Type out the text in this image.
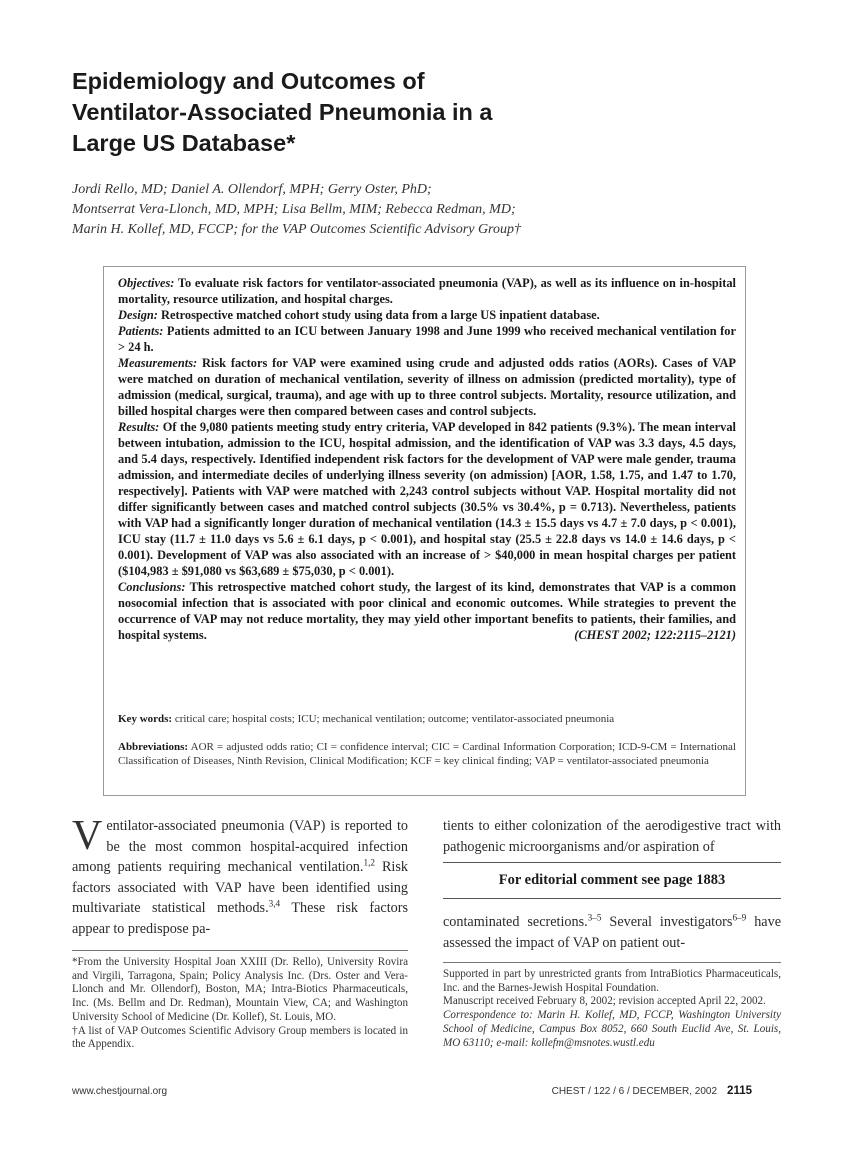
Epidemiology and Outcomes of
Ventilator-Associated Pneumonia in a
Large US Database*
Jordi Rello, MD; Daniel A. Ollendorf, MPH; Gerry Oster, PhD;
Montserrat Vera-Llonch, MD, MPH; Lisa Bellm, MIM; Rebecca Redman, MD;
Marin H. Kollef, MD, FCCP; for the VAP Outcomes Scientific Advisory Group†

Objectives: To evaluate risk factors for ventilator-associated pneumonia (VAP), as well as its influence on in-hospital mortality, resource utilization, and hospital charges.

Design: Retrospective matched cohort study using data from a large US inpatient database.

Patients: Patients admitted to an ICU between January 1998 and June 1999 who received mechanical ventilation for > 24 h.

Measurements: Risk factors for VAP were examined using crude and adjusted odds ratios (AORs). Cases of VAP were matched on duration of mechanical ventilation, severity of illness on admission (predicted mortality), type of admission (medical, surgical, trauma), and age with up to three control subjects. Mortality, resource utilization, and billed hospital charges were then compared between cases and control subjects.

Results: Of the 9,080 patients meeting study entry criteria, VAP developed in 842 patients (9.3%). The mean interval between intubation, admission to the ICU, hospital admission, and the identification of VAP was 3.3 days, 4.5 days, and 5.4 days, respectively. Identified independent risk factors for the development of VAP were male gender, trauma admission, and intermediate deciles of underlying illness severity (on admission) [AOR, 1.58, 1.75, and 1.47 to 1.70, respectively]. Patients with VAP were matched with 2,243 control subjects without VAP. Hospital mortality did not differ significantly between cases and matched control subjects (30.5% vs 30.4%, p = 0.713). Nevertheless, patients with VAP had a significantly longer duration of mechanical ventilation (14.3 ± 15.5 days vs 4.7 ± 7.0 days, p < 0.001), ICU stay (11.7 ± 11.0 days vs 5.6 ± 6.1 days, p < 0.001), and hospital stay (25.5 ± 22.8 days vs 14.0 ± 14.6 days, p < 0.001). Development of VAP was also associated with an increase of > $40,000 in mean hospital charges per patient ($104,983 ± $91,080 vs $63,689 ± $75,030, p < 0.001).

Conclusions: This retrospective matched cohort study, the largest of its kind, demonstrates that VAP is a common nosocomial infection that is associated with poor clinical and economic outcomes. While strategies to prevent the occurrence of VAP may not reduce mortality, they may yield other important benefits to patients, their families, and hospital systems.	(CHEST 2002; 122:2115–2121)

Key words: critical care; hospital costs; ICU; mechanical ventilation; outcome; ventilator-associated pneumonia
Abbreviations: AOR = adjusted odds ratio; CI = confidence interval; CIC = Cardinal Information Corporation; ICD-9-CM = International Classification of Diseases, Ninth Revision, Clinical Modification; KCF = key clinical finding; VAP = ventilator-associated pneumonia

Ventilator-associated pneumonia (VAP) is reported to be the most common hospital-acquired infection among patients requiring mechanical ventilation.$^{1,2}$ Risk factors associated with VAP have been identified using multivariate statistical methods.$^{3,4}$ These risk factors appear to predispose pa-

tients to either colonization of the aerodigestive tract with pathogenic microorganisms and/or aspiration of

For editorial comment see page 1883

contaminated secretions.$^{3-5}$ Several investigators$^{6-9}$ have assessed the impact of VAP on patient out-

*From the University Hospital Joan XXIII (Dr. Rello), University Rovira and Virgili, Tarragona, Spain; Policy Analysis Inc. (Drs. Oster and Vera-Llonch and Mr. Ollendorf), Boston, MA; Intra-Biotics Pharmaceuticals, Inc. (Ms. Bellm and Dr. Redman), Mountain View, CA; and Washington University School of Medicine (Dr. Kollef), St. Louis, MO.

†A list of VAP Outcomes Scientific Advisory Group members is located in the Appendix.

Supported in part by unrestricted grants from IntraBiotics Pharmaceuticals, Inc. and the Barnes-Jewish Hospital Foundation.

Manuscript received February 8, 2002; revision accepted April 22, 2002.

Correspondence to: Marin H. Kollef, MD, FCCP, Washington University School of Medicine, Campus Box 8052, 660 South Euclid Ave, St. Louis, MO 63110; e-mail: kollefm@msnotes.wustl.edu

www.chestjournal.org	CHEST / 122 / 6 / DECEMBER, 2002 2115
